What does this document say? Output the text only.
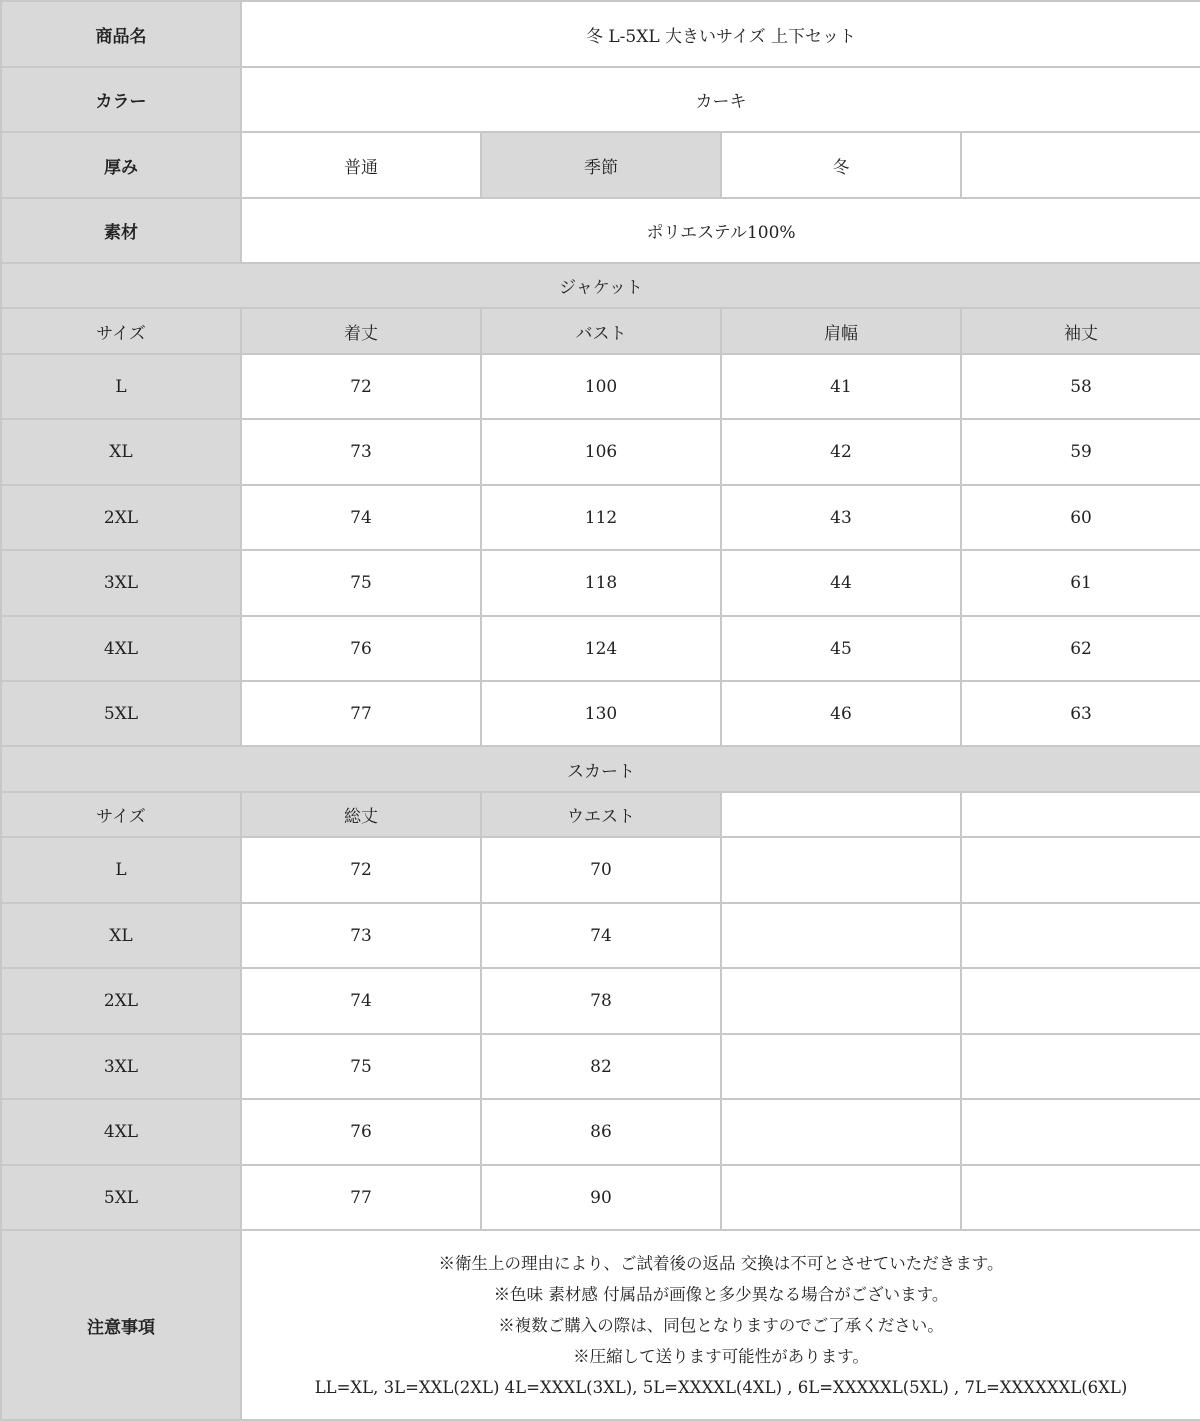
商品名	冬 L-5XL 大きいサイズ 上下セット			
カラー	カーキ			
厚み	普通	季節	冬	
素材	ポリエステル100%			
ジャケット				
サイズ	着丈	バスト	肩幅	袖丈
L	72	100	41	58
XL	73	106	42	59
2XL	74	112	43	60
3XL	75	118	44	61
4XL	76	124	45	62
5XL	77	130	46	63
スカート				
サイズ	総丈	ウエスト		
L	72	70		
XL	73	74		
2XL	74	78		
3XL	75	82		
4XL	76	86		
5XL	77	90		
注意事項	※衛生上の理由により、ご試着後の返品 交換は不可とさせていただきます。
※色味 素材感 付属品が画像と多少異なる場合がございます。
※複数ご購入の際は、同包となりますのでご了承ください。
※圧縮して送ります可能性があります。
LL=XL, 3L=XXL(2XL) 4L=XXXL(3XL), 5L=XXXXL(4XL) , 6L=XXXXXL(5XL) , 7L=XXXXXXL(6XL)			
